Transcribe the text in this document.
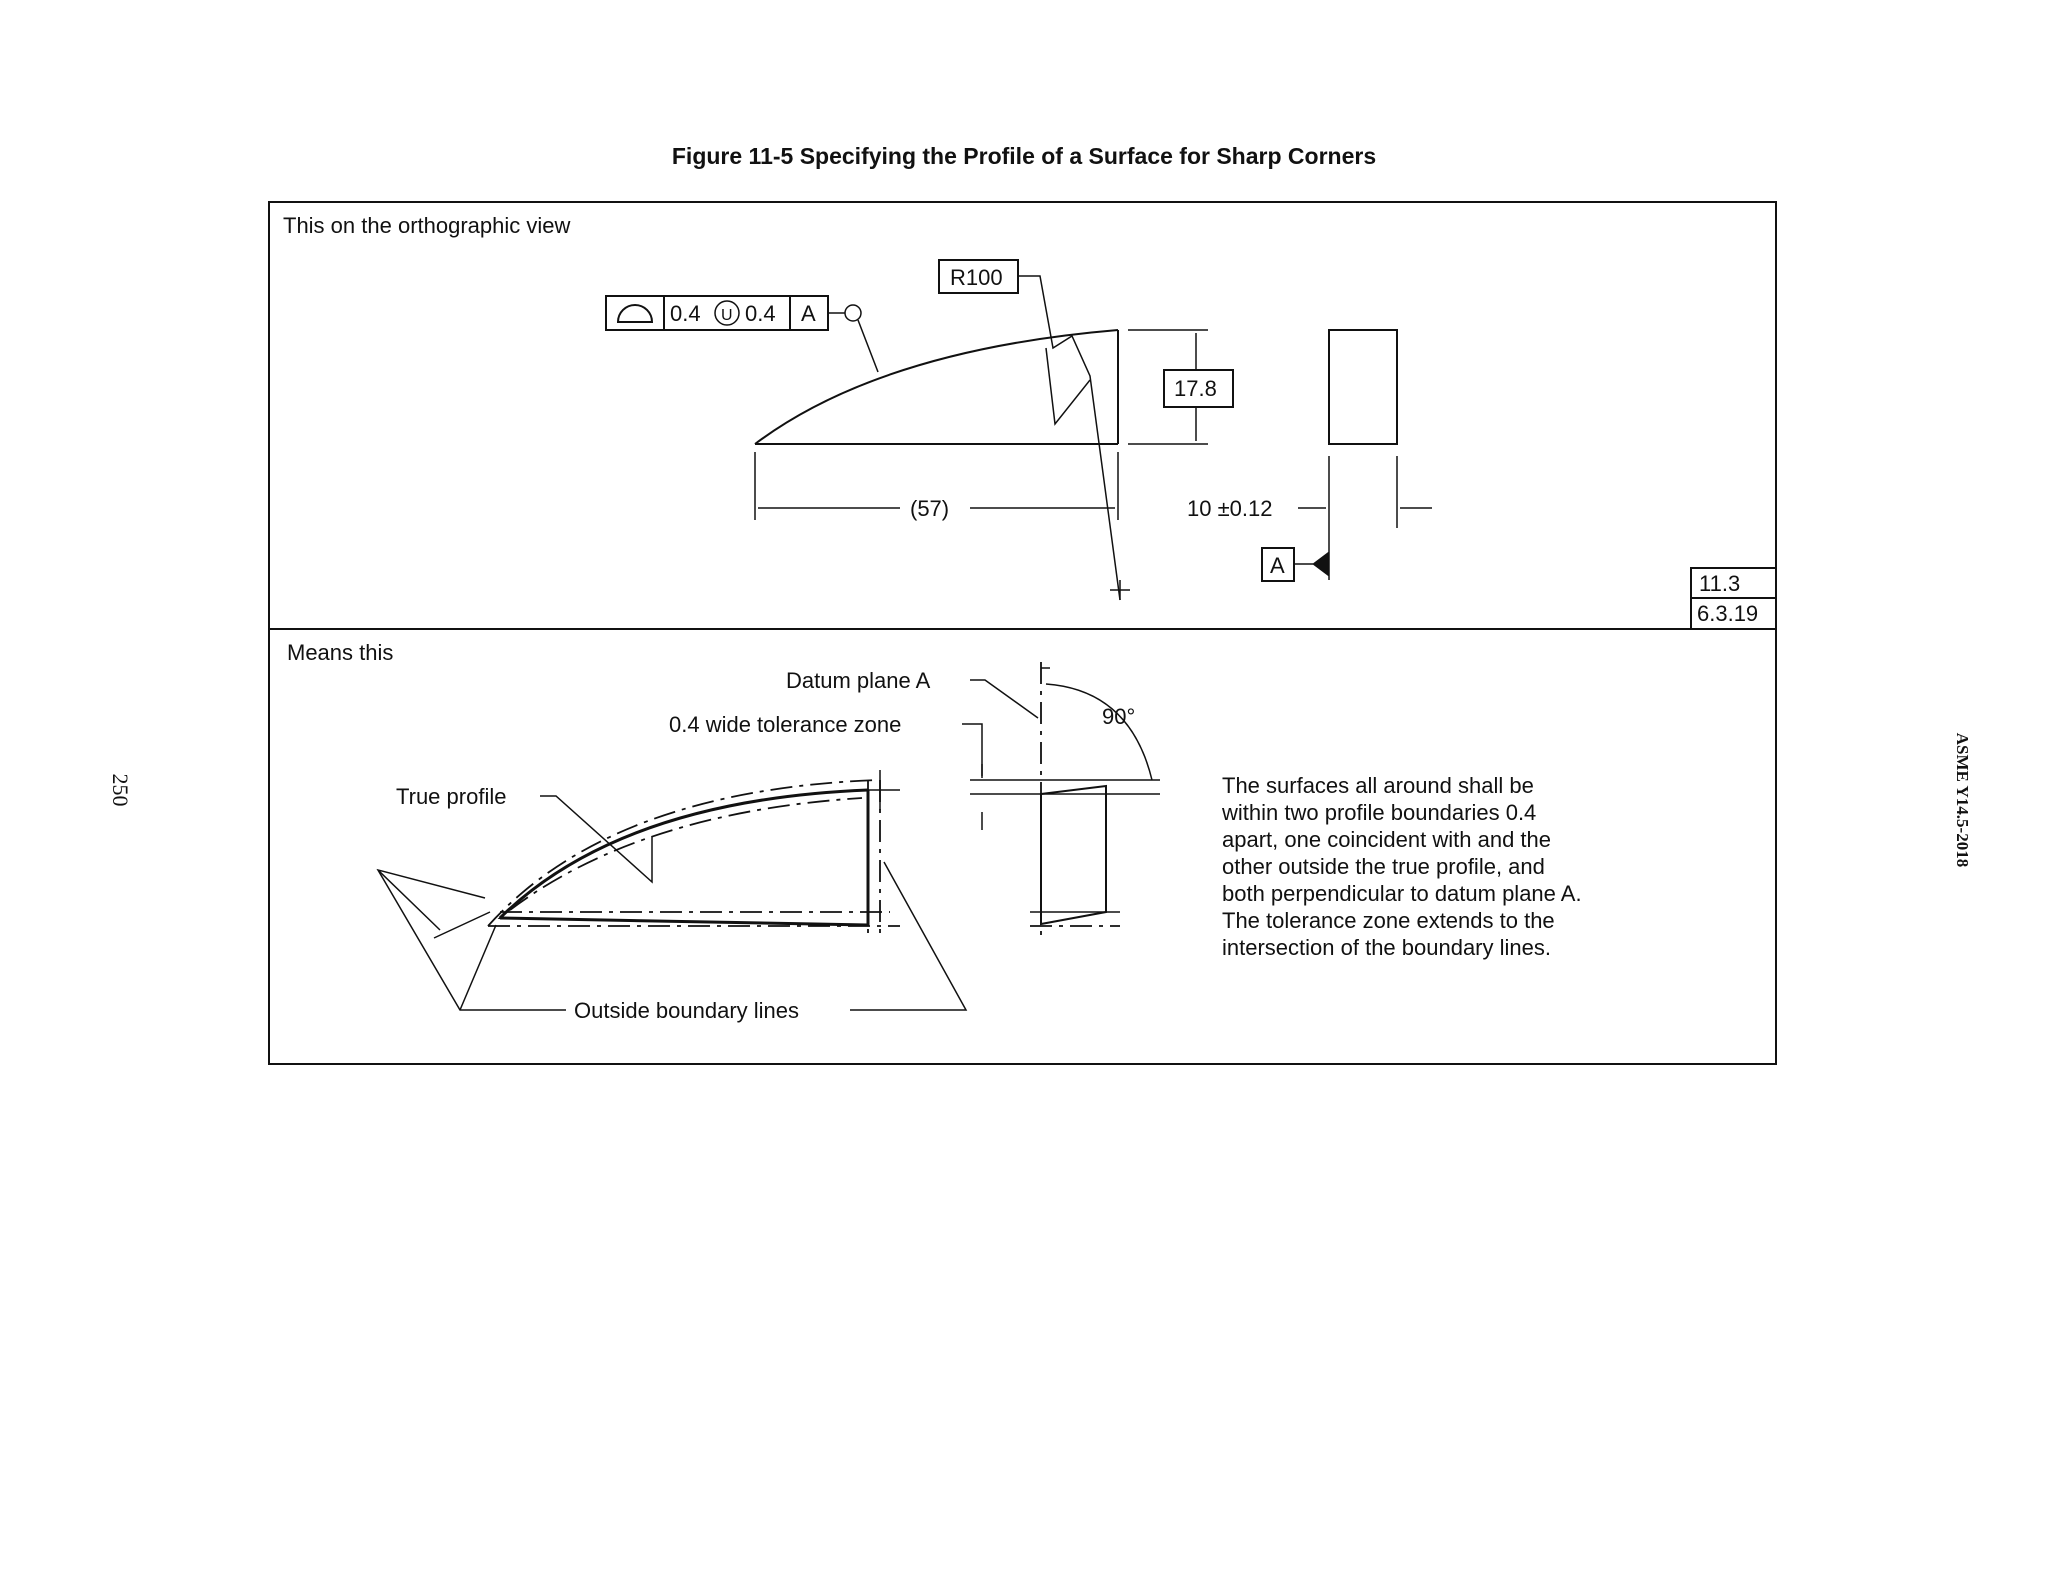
Figure 11-5 Specifying the Profile of a Surface for Sharp Corners
250	ASME Y14.5-2018
This on the orthographic view
0.4 U 0.4 A
R100
17.8
(57)	10 ±0.12
A
11.3
6.3.19
Means this
Datum plane A
0.4 wide tolerance zone	90°
True profile
Outside boundary lines
The surfaces all around shall be
within two profile boundaries 0.4
apart, one coincident with and the
other outside the true profile, and
both perpendicular to datum plane A.
The tolerance zone extends to the
intersection of the boundary lines.
